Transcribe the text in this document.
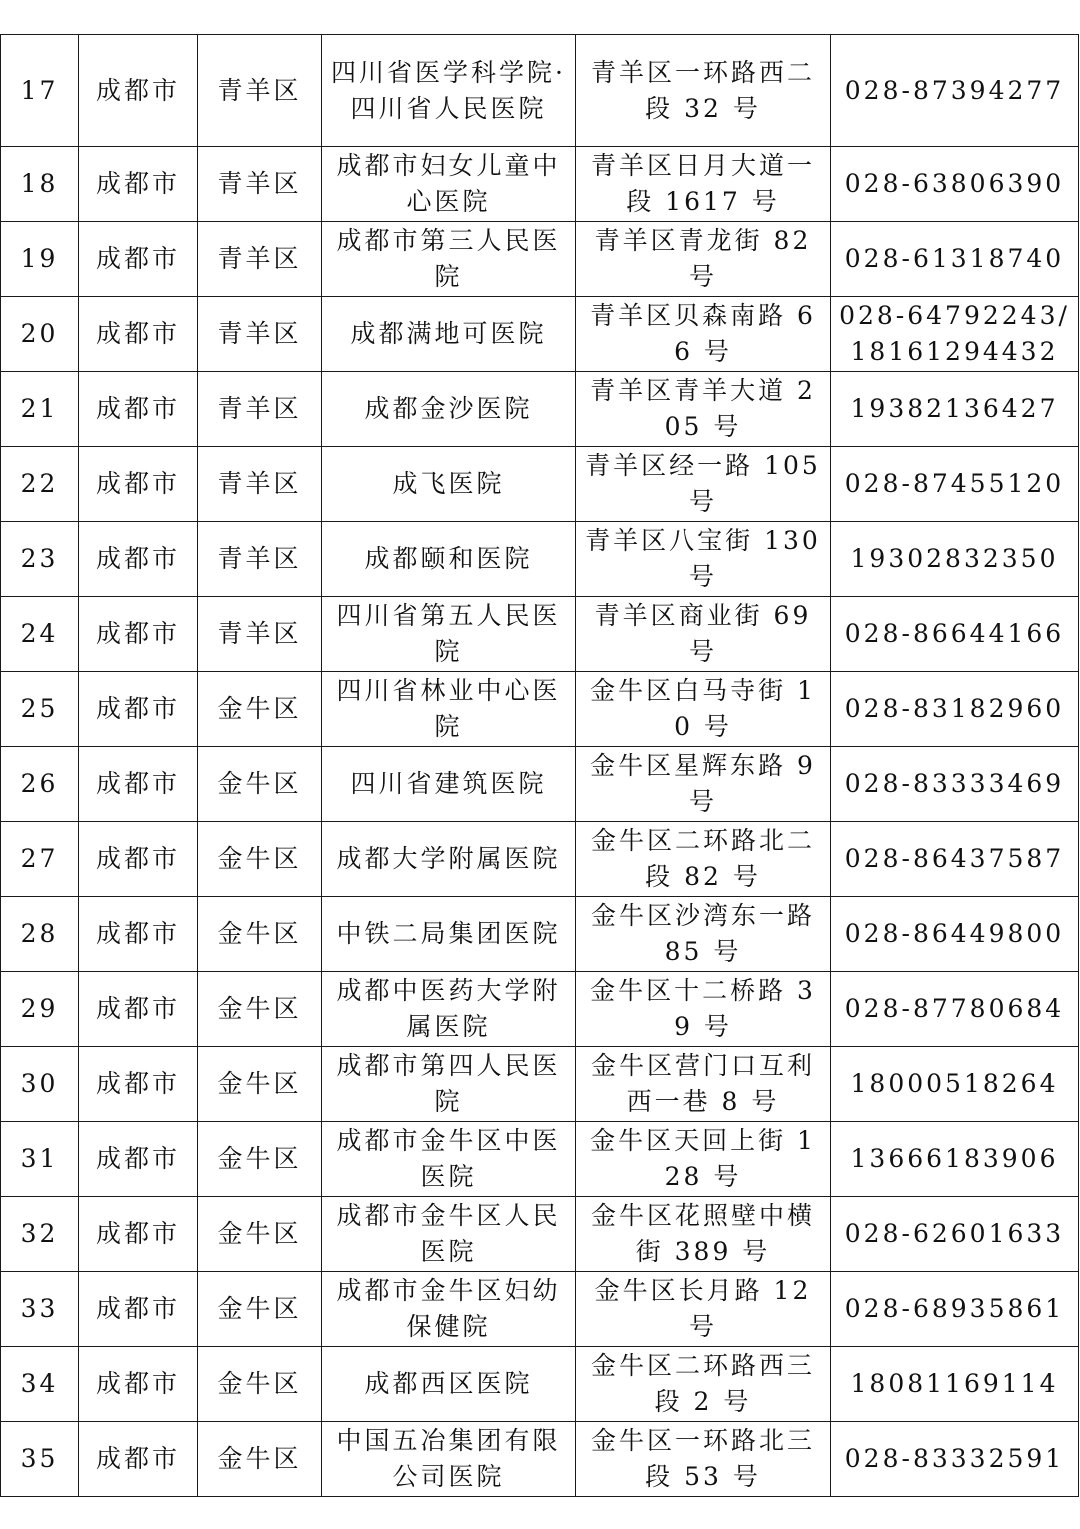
17	成都市	青羊区	四川省医学科学院·四川省人民医院	青羊区一环路西二段 32 号	028-87394277
18	成都市	青羊区	成都市妇女儿童中心医院	青羊区日月大道一段 1617 号	028-63806390
19	成都市	青羊区	成都市第三人民医院	青羊区青龙街 82 号	028-61318740
20	成都市	青羊区	成都满地可医院	青羊区贝森南路 66 号	028-64792243/18161294432
21	成都市	青羊区	成都金沙医院	青羊区青羊大道 205 号	19382136427
22	成都市	青羊区	成飞医院	青羊区经一路 105 号	028-87455120
23	成都市	青羊区	成都颐和医院	青羊区八宝街 130 号	19302832350
24	成都市	青羊区	四川省第五人民医院	青羊区商业街 69 号	028-86644166
25	成都市	金牛区	四川省林业中心医院	金牛区白马寺街 10 号	028-83182960
26	成都市	金牛区	四川省建筑医院	金牛区星辉东路 9 号	028-83333469
27	成都市	金牛区	成都大学附属医院	金牛区二环路北二段 82 号	028-86437587
28	成都市	金牛区	中铁二局集团医院	金牛区沙湾东一路 85 号	028-86449800
29	成都市	金牛区	成都中医药大学附属医院	金牛区十二桥路 39 号	028-87780684
30	成都市	金牛区	成都市第四人民医院	金牛区营门口互利西一巷 8 号	18000518264
31	成都市	金牛区	成都市金牛区中医医院	金牛区天回上街 128 号	13666183906
32	成都市	金牛区	成都市金牛区人民医院	金牛区花照壁中横街 389 号	028-62601633
33	成都市	金牛区	成都市金牛区妇幼保健院	金牛区长月路 12 号	028-68935861
34	成都市	金牛区	成都西区医院	金牛区二环路西三段 2 号	18081169114
35	成都市	金牛区	中国五冶集团有限公司医院	金牛区一环路北三段 53 号	028-83332591
